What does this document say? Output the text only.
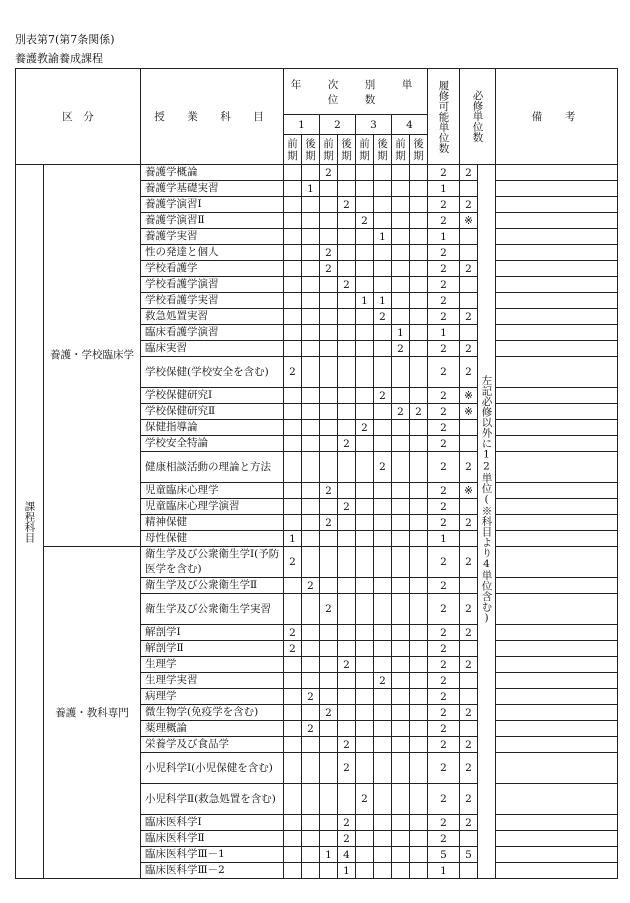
別表第7(第7条関係)
養護教諭養成課程
区　分		授　業　科　目	年　次　別　単　位　数								履修可能単位数	必修単位数		備　考
			1		2		3		4					
			前期	後期	前期	後期	前期	後期	前期	後期				

課程科目	養護・学校臨床学	養護学概論			2						2	2	左記必修以外に12単位(※科目より4単位含む)	

		養護学基礎実習		1							1			
		養護学演習Ⅰ				2					2	2		
		養護学演習Ⅱ					2				2	※		
		養護学実習						1			1			
		性の発達と個人			2						2			
		学校看護学			2						2	2		
		学校看護学演習				2					2			
		学校看護学実習					1	1			2			
		救急処置実習						2			2	2		
		臨床看護学演習							1		1			
		臨床実習							2		2	2		
		学校保健(学校安全を含む)	2								2	2		
		学校保健研究Ⅰ						2			2	※		
		学校保健研究Ⅱ							2	2	2	※		
		保健指導論					2				2			
		学校安全特論				2					2			
		健康相談活動の理論と方法						2			2	2		
		児童臨床心理学			2						2	※		
		児童臨床心理学演習				2					2			
		精神保健			2						2	2		
		母性保健	1								1			
	養護・教科専門	衛生学及び公衆衛生学Ⅰ(予防医学を含む)	2								2	2		
		衛生学及び公衆衛生学Ⅱ		2							2			
		衛生学及び公衆衛生学実習			2						2	2		
		解剖学Ⅰ	2								2	2		
		解剖学Ⅱ	2								2			
		生理学				2					2	2		
		生理学実習						2			2			
		病理学		2							2			
		微生物学(免疫学を含む)			2						2	2		
		薬理概論		2							2			
		栄養学及び食品学				2					2	2		
		小児科学Ⅰ(小児保健を含む)				2					2	2		
		小児科学Ⅱ(救急処置を含む)					2				2	2		
		臨床医科学Ⅰ				2					2	2		
		臨床医科学Ⅱ				2					2			
		臨床医科学Ⅲ－1			1	4					5	5		
		臨床医科学Ⅲ－2				1					1			
